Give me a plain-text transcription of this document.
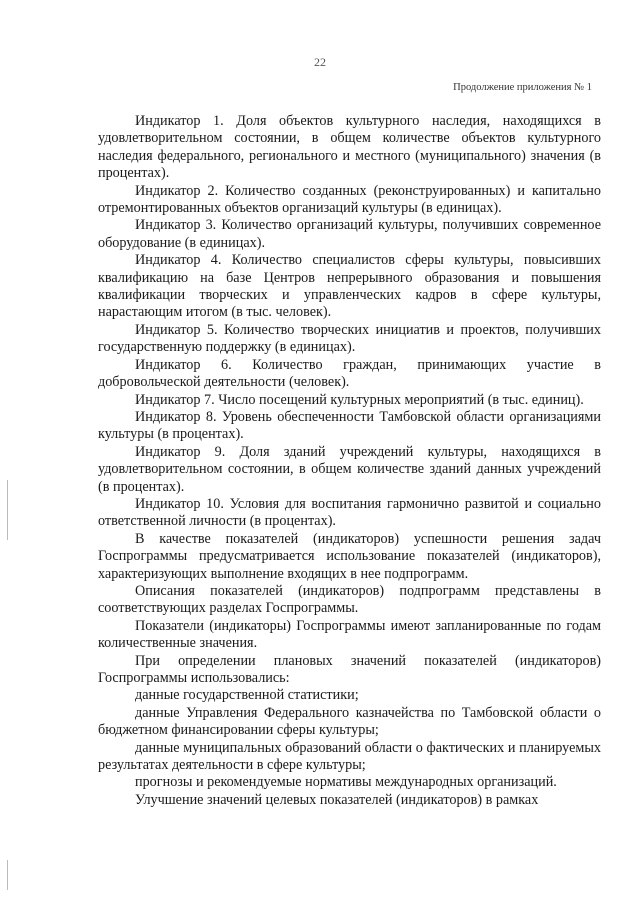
22
Продолжение приложения № 1

Индикатор 1. Доля объектов культурного наследия, находящихся в удовлетворительном состоянии, в общем количестве объектов культурного наследия федерального, регионального и местного (муниципального) значения (в процентах).

Индикатор 2. Количество созданных (реконструированных) и капитально отремонтированных объектов организаций культуры (в единицах).

Индикатор 3. Количество организаций культуры, получивших современное оборудование (в единицах).

Индикатор 4. Количество специалистов сферы культуры, повысивших квалификацию на базе Центров непрерывного образования и повышения квалификации творческих и управленческих кадров в сфере культуры, нарастающим итогом (в тыс. человек).

Индикатор 5. Количество творческих инициатив и проектов, получивших государственную поддержку (в единицах).

Индикатор 6. Количество граждан, принимающих участие в добровольческой деятельности (человек).

Индикатор 7. Число посещений культурных мероприятий (в тыс. единиц).

Индикатор 8. Уровень обеспеченности Тамбовской области организациями культуры (в процентах).

Индикатор 9. Доля зданий учреждений культуры, находящихся в удовлетворительном состоянии, в общем количестве зданий данных учреждений (в процентах).

Индикатор 10. Условия для воспитания гармонично развитой и социально ответственной личности (в процентах).

В качестве показателей (индикаторов) успешности решения задач Госпрограммы предусматривается использование показателей (индикаторов), характеризующих выполнение входящих в нее подпрограмм.

Описания показателей (индикаторов) подпрограмм представлены в соответствующих разделах Госпрограммы.

Показатели (индикаторы) Госпрограммы имеют запланированные по годам количественные значения.

При определении плановых значений показателей (индикаторов) Госпрограммы использовались:

данные государственной статистики;

данные Управления Федерального казначейства по Тамбовской области о бюджетном финансировании сферы культуры;

данные муниципальных образований области о фактических и планируемых результатах деятельности в сфере культуры;

прогнозы и рекомендуемые нормативы международных организаций.

Улучшение значений целевых показателей (индикаторов) в рамках
